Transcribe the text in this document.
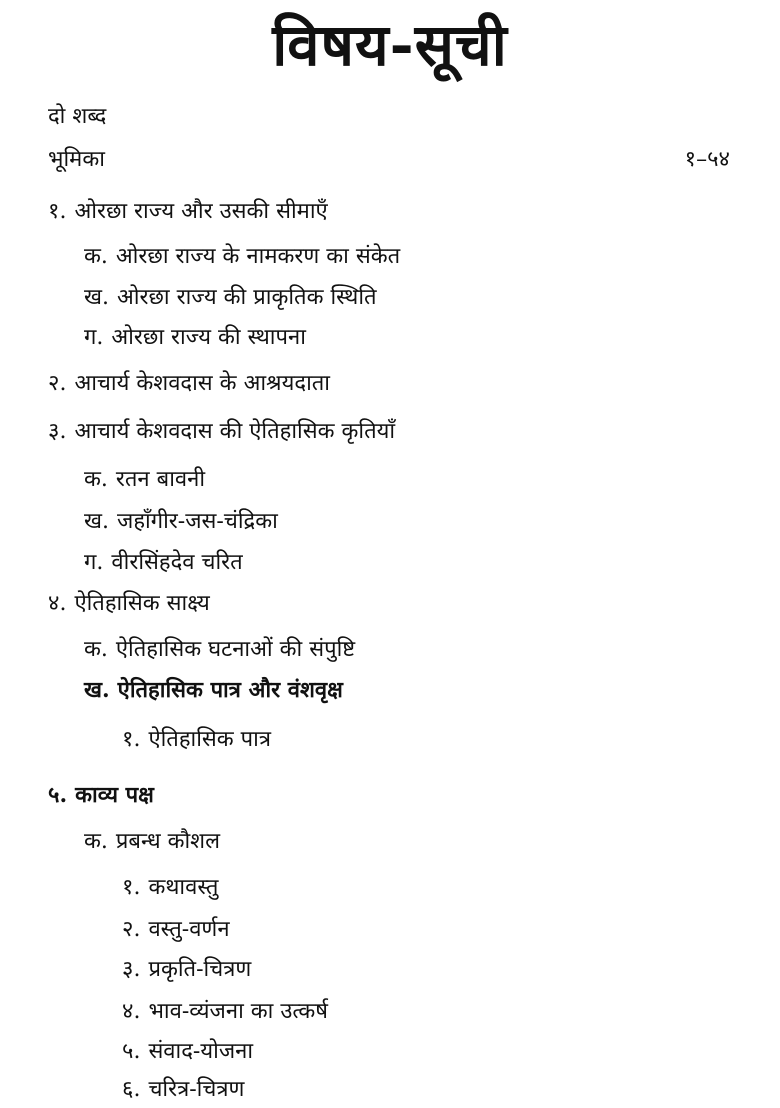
विषय-सूची
दो शब्द
भूमिका	१–५४
१. ओरछा राज्य और उसकी सीमाएँ
क. ओरछा राज्य के नामकरण का संकेत
ख. ओरछा राज्य की प्राकृतिक स्थिति
ग. ओरछा राज्य की स्थापना
२. आचार्य केशवदास के आश्रयदाता
३. आचार्य केशवदास की ऐतिहासिक कृतियाँ
क. रतन बावनी
ख. जहाँगीर-जस-चंद्रिका
ग. वीरसिंहदेव चरित
४. ऐतिहासिक साक्ष्य
क. ऐतिहासिक घटनाओं की संपुष्टि
ख. ऐतिहासिक पात्र और वंशवृक्ष
१. ऐतिहासिक पात्र
५. काव्य पक्ष
क. प्रबन्ध कौशल
१. कथावस्तु
२. वस्तु-वर्णन
३. प्रकृति-चित्रण
४. भाव-व्यंजना का उत्कर्ष
५. संवाद-योजना
६. चरित्र-चित्रण
